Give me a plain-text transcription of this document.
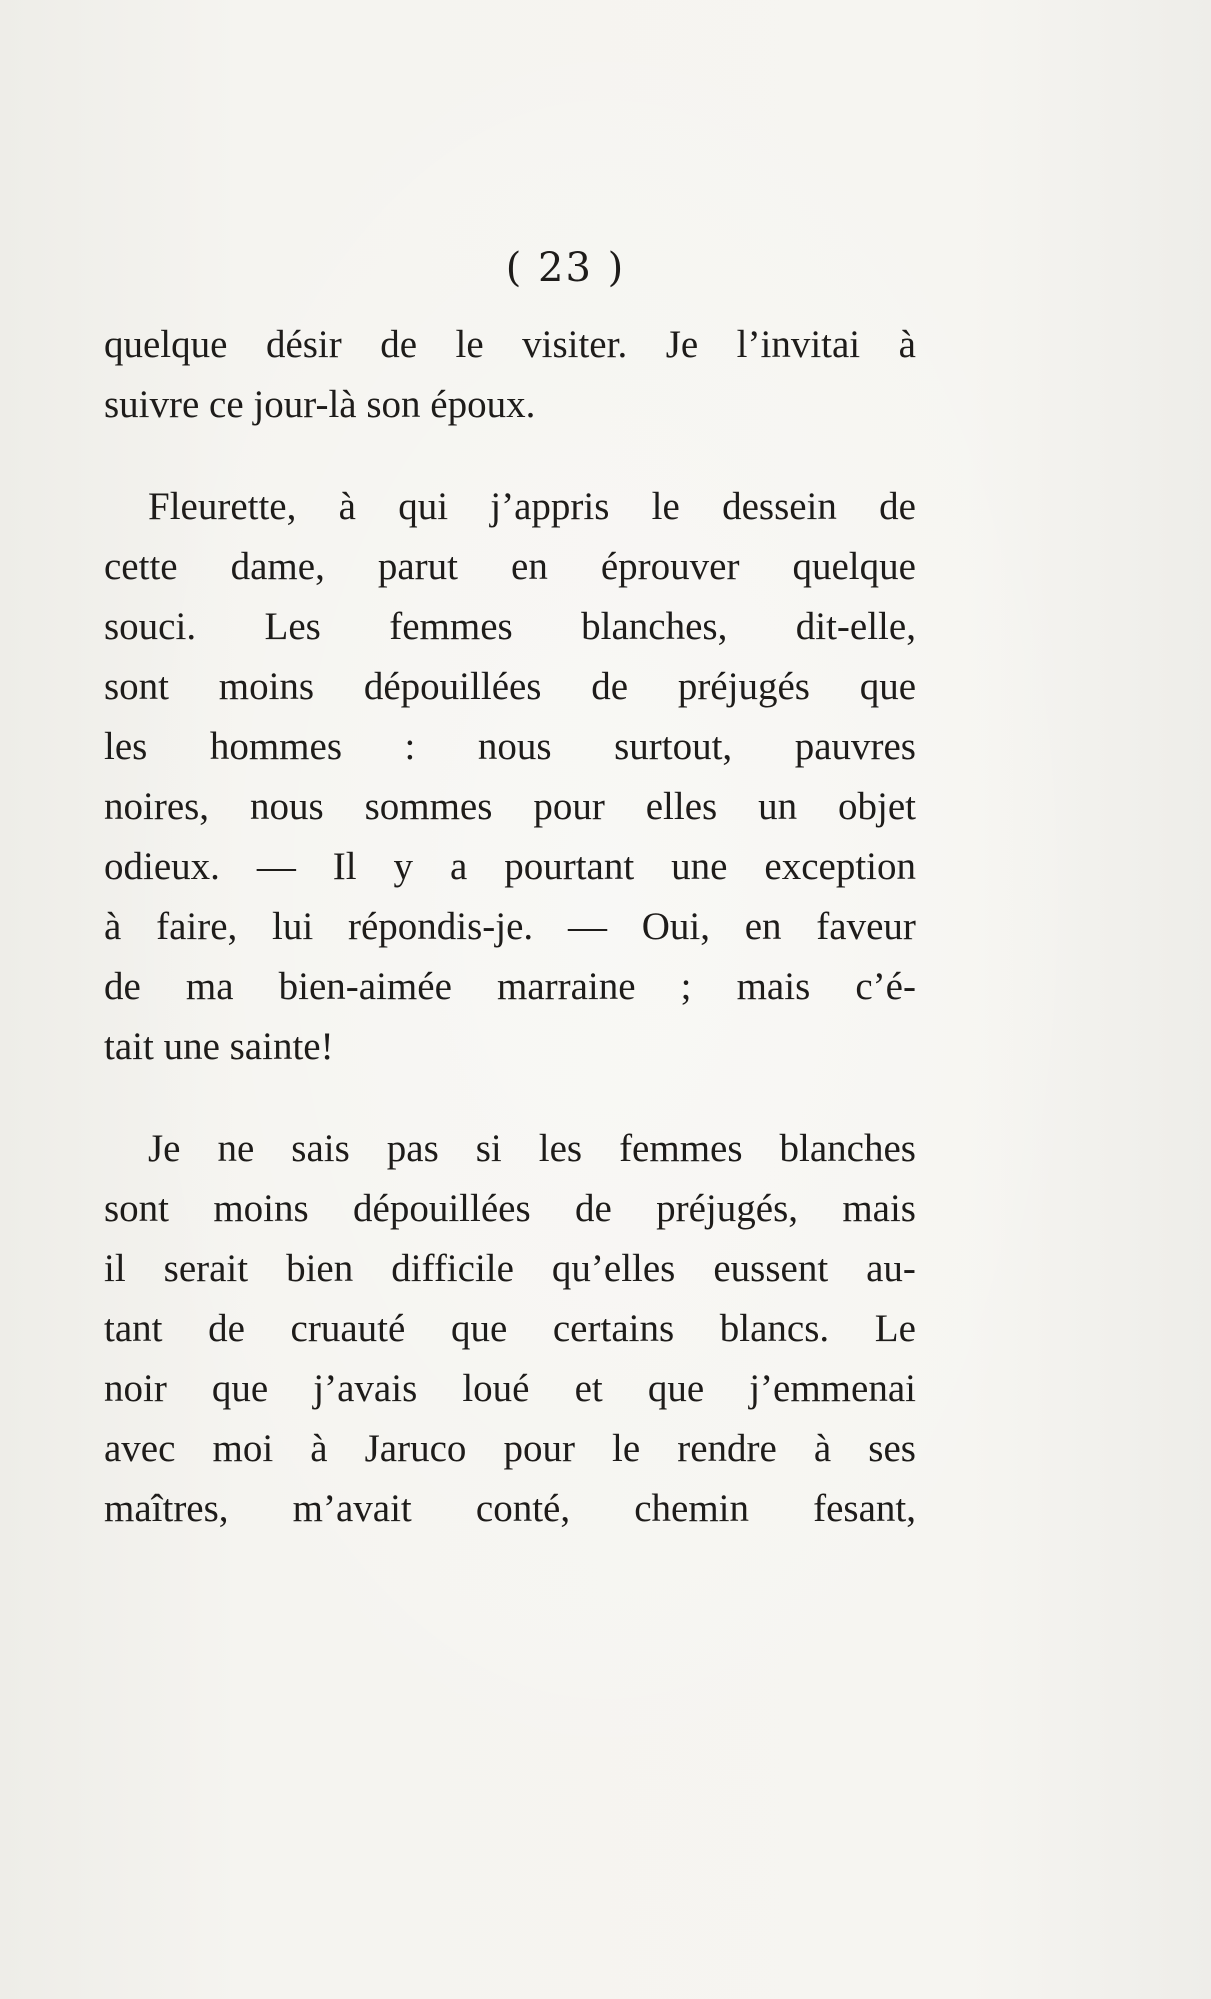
( 23 )
quelque désir de le visiter. Je l’invitai à
suivre ce jour-là son époux.
Fleurette, à qui j’appris le dessein de
cette dame, parut en éprouver quelque
souci. Les femmes blanches, dit-elle,
sont moins dépouillées de préjugés que
les hommes : nous surtout, pauvres
noires, nous sommes pour elles un objet
odieux. — Il y a pourtant une exception
à faire, lui répondis-je. — Oui, en faveur
de ma bien-aimée marraine ; mais c’é-
tait une sainte!
Je ne sais pas si les femmes blanches
sont moins dépouillées de préjugés, mais
il serait bien difficile qu’elles eussent au-
tant de cruauté que certains blancs. Le
noir que j’avais loué et que j’emmenai
avec moi à Jaruco pour le rendre à ses
maîtres, m’avait conté, chemin fesant,
